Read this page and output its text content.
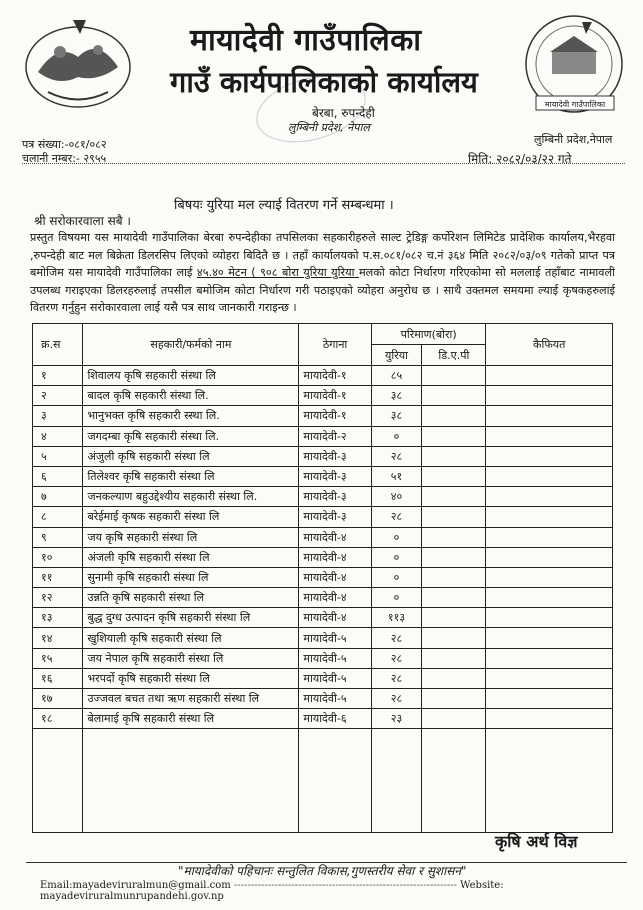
मायादेवी गाउँपालिका
मायादेवी गाउँपालिका
गाउँ कार्यपालिकाको कार्यालय
बेरबा, रुपन्देही
लुम्बिनी प्रदेश, नेपाल
लुम्बिनी प्रदेश,नेपाल
पत्र संख्या:-०८१/०८२
चलानी नम्बर:- २९५५	मिति: २०८२/०३/२२ गते
बिषयः युरिया मल ल्याई वितरण गर्ने सम्बन्धमा ।
श्री सरोकारवाला सबै ।

प्रस्तुत विषयमा यस मायादेवी गाउँपालिका बेरबा रुपन्देहीका तपसिलका सहकारीहरुले साल्ट ट्रेडिङ्ग कर्पोरेशन लिमिटेड प्रादेशिक कार्यालय,भैरहवा ,रुपन्देही बाट मल बिक्रेता डिलरसिप लिएको व्योहरा बिदितै छ । तहाँ कार्यालयको प.स.०८१/०८२ च.नं ३६४ मिति २०८२/०३/०९ गतेको प्राप्त पत्र बमोजिम यस मायादेवी गाउँपालिका लाई ४५.४० मेटन ( ९०८ बोरा युरिया युरिया मलको कोटा निर्धारण गरिएकोमा सो मललाई तहाँबाट नामावली उपलब्ध गराइएका डिलरहरुलाई तपसील बमोजिम कोटा निर्धारण गरी पठाइएको व्योहरा अनुरोध छ । साथै उक्तमल समयमा ल्याई कृषकहरुलाई वितरण गर्नुहुन सरोकारवाला लाई यसै पत्र साथ जानकारी गराइन्छ ।

क्र.स	सहकारी/फर्मको नाम	ठेगाना	परिमाण(बोरा)		कैफियत
			युरिया	डि.ए.पी	
१	शिवालय कृषि सहकारी संस्था लि	मायादेवी-१	८५		
२	बादल कृषि सहकारी संस्था लि.	मायादेवी-१	३८		
३	भानुभक्त कृषि सहकारी स्स्था लि.	मायादेवी-१	३८		
४	जगदम्बा कृषि सहकारी संस्था लि.	मायादेवी-२	०		
५	अंजुली कृषि सहकारी संस्था लि	मायादेवी-३	२८		
६	तिलेश्वर कृषि सहकारी संस्था लि	मायादेवी-३	५१		
७	जनकल्याण बहुउद्देश्यीय सहकारी संस्था लि.	मायादेवी-३	४०		
८	बरेईमाई कृषक सहकारी संस्था लि	मायादेवी-३	२८		
९	जय कृषि सहकारी संस्था लि	मायादेवी-४	०		
१०	अंजली कृषि सहकारी संस्था लि	मायादेवी-४	०		
११	सुनामी कृषि सहकारी संस्था लि	मायादेवी-४	०		
१२	उन्नति कृषि सहकारी संस्था लि	मायादेवी-४	०		
१३	बुद्ध दुग्ध उत्पादन कृषि सहकारी संस्था लि	मायादेवी-४	११३		
१४	खुशियाली कृषि सहकारी संस्था लि	मायादेवी-५	२८		
१५	जय नेपाल कृषि सहकारी संस्था लि	मायादेवी-५	२८		
१६	भरपर्दो कृषि सहकारी संस्था लि	मायादेवी-५	२८		
१७	उज्जवल बचत तथा ऋण सहकारी संस्था लि	मायादेवी-५	२८		
१८	बेलामाई कृषि सहकारी संस्था लि	मायादेवी-६	२३		

कृषि अर्थ विज्ञ
"मायादेवीको पहिचानः सन्तुलित विकास,गुणस्तरीय सेवा र सुशासन"
Email:mayadeviruralmun@gmail.com ------------------------------------------------------------------ Website: mayadeviruralmunrupandehi.gov.np
